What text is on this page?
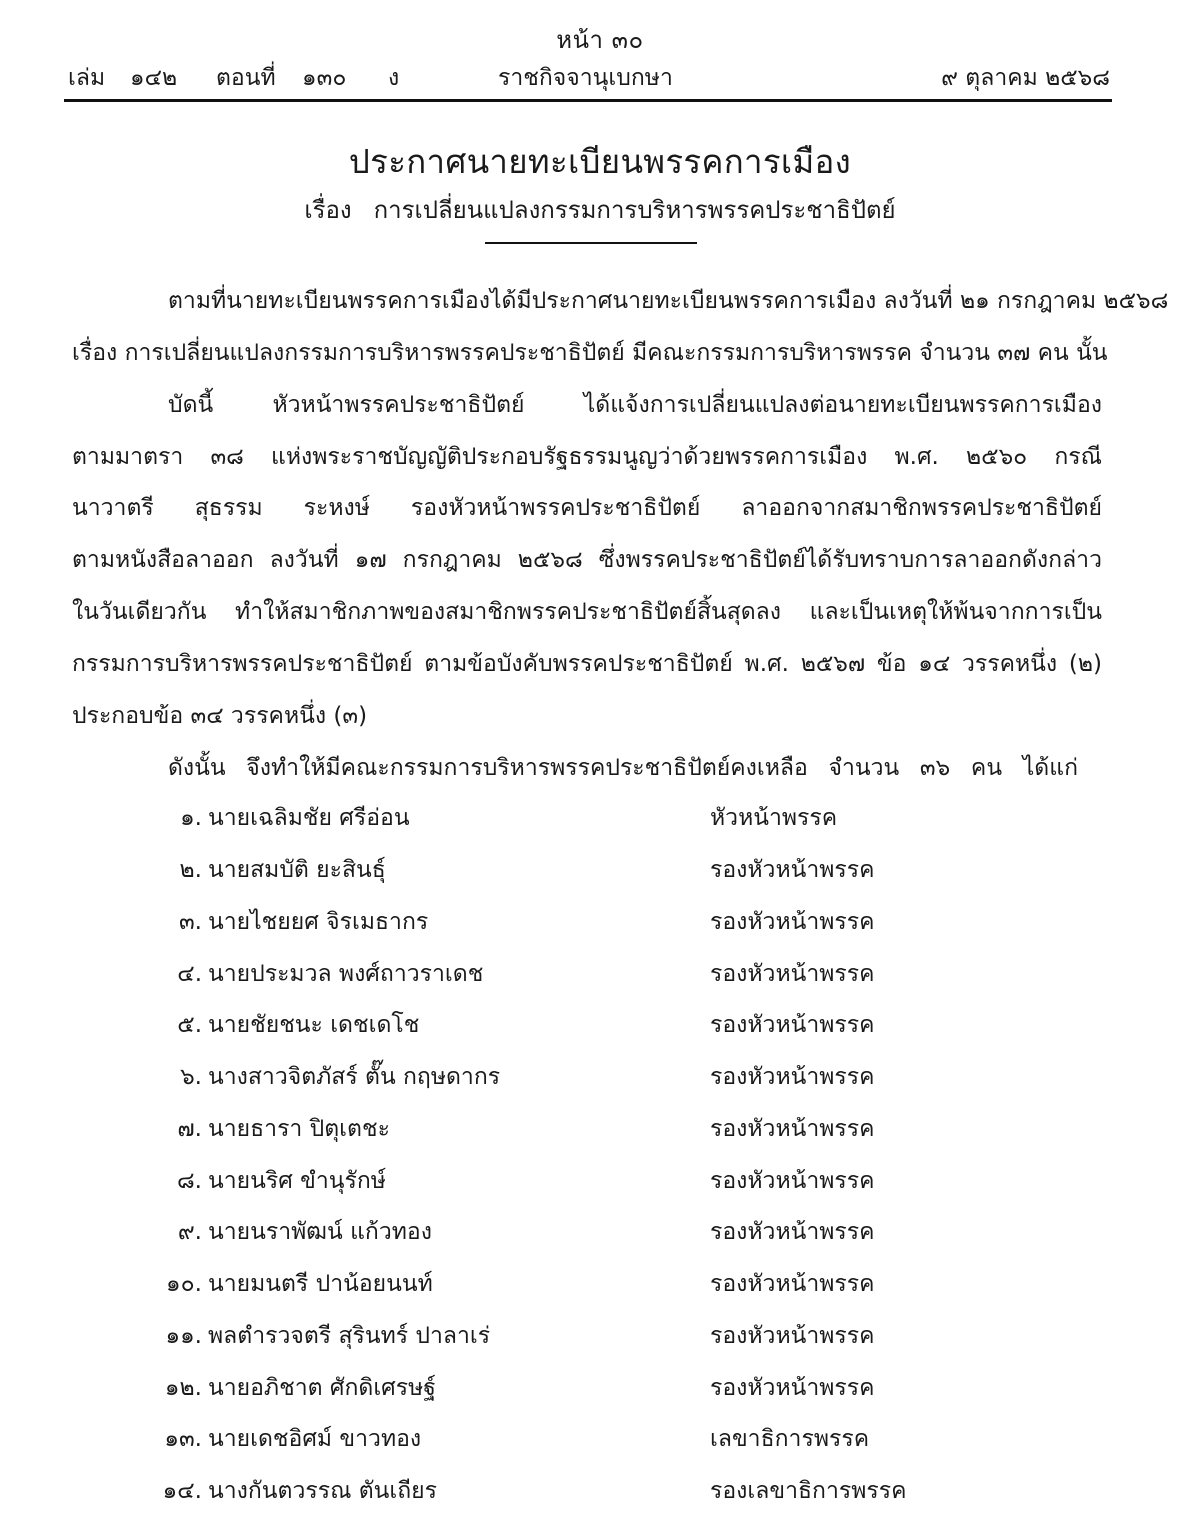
หน้า ๓๐
เล่ม ๑๔๒ ตอนที่ ๑๓๐ ง	ราชกิจจานุเบกษา	๙ ตุลาคม ๒๕๖๘
ประกาศนายทะเบียนพรรคการเมือง
เรื่อง การเปลี่ยนแปลงกรรมการบริหารพรรคประชาธิปัตย์
ตามที่นายทะเบียนพรรคการเมืองได้มีประกาศนายทะเบียนพรรคการเมือง ลงวันที่ ๒๑ กรกฎาคม ๒๕๖๘
เรื่อง การเปลี่ยนแปลงกรรมการบริหารพรรคประชาธิปัตย์ มีคณะกรรมการบริหารพรรค จำนวน ๓๗ คน นั้น
บัดนี้ หัวหน้าพรรคประชาธิปัตย์ ได้แจ้งการเปลี่ยนแปลงต่อนายทะเบียนพรรคการเมือง
ตามมาตรา ๓๘ แห่งพระราชบัญญัติประกอบรัฐธรรมนูญว่าด้วยพรรคการเมือง พ.ศ. ๒๕๖๐ กรณี
นาวาตรี สุธรรม ระหงษ์ รองหัวหน้าพรรคประชาธิปัตย์ ลาออกจากสมาชิกพรรคประชาธิปัตย์
ตามหนังสือลาออก ลงวันที่ ๑๗ กรกฎาคม ๒๕๖๘ ซึ่งพรรคประชาธิปัตย์ได้รับทราบการลาออกดังกล่าว
ในวันเดียวกัน ทำให้สมาชิกภาพของสมาชิกพรรคประชาธิปัตย์สิ้นสุดลง และเป็นเหตุให้พ้นจากการเป็น
กรรมการบริหารพรรคประชาธิปัตย์ ตามข้อบังคับพรรคประชาธิปัตย์ พ.ศ. ๒๕๖๗ ข้อ ๑๔ วรรคหนึ่ง (๒)
ประกอบข้อ ๓๔ วรรคหนึ่ง (๓)
ดังนั้น จึงทำให้มีคณะกรรมการบริหารพรรคประชาธิปัตย์คงเหลือ จำนวน ๓๖ คน ได้แก่
๑. นายเฉลิมชัย ศรีอ่อน	หัวหน้าพรรค
๒. นายสมบัติ ยะสินธุ์	รองหัวหน้าพรรค
๓. นายไชยยศ จิรเมธากร	รองหัวหน้าพรรค
๔. นายประมวล พงศ์ถาวราเดช	รองหัวหน้าพรรค
๕. นายชัยชนะ เดชเดโช	รองหัวหน้าพรรค
๖. นางสาวจิตภัสร์ ตั๊น กฤษดากร	รองหัวหน้าพรรค
๗. นายธารา ปิตุเตชะ	รองหัวหน้าพรรค
๘. นายนริศ ขำนุรักษ์	รองหัวหน้าพรรค
๙. นายนราพัฒน์ แก้วทอง	รองหัวหน้าพรรค
๑๐. นายมนตรี ปาน้อยนนท์	รองหัวหน้าพรรค
๑๑. พลตำรวจตรี สุรินทร์ ปาลาเร่	รองหัวหน้าพรรค
๑๒. นายอภิชาต ศักดิเศรษฐ์	รองหัวหน้าพรรค
๑๓. นายเดชอิศม์ ขาวทอง	เลขาธิการพรรค
๑๔. นางกันตวรรณ ตันเถียร	รองเลขาธิการพรรค
